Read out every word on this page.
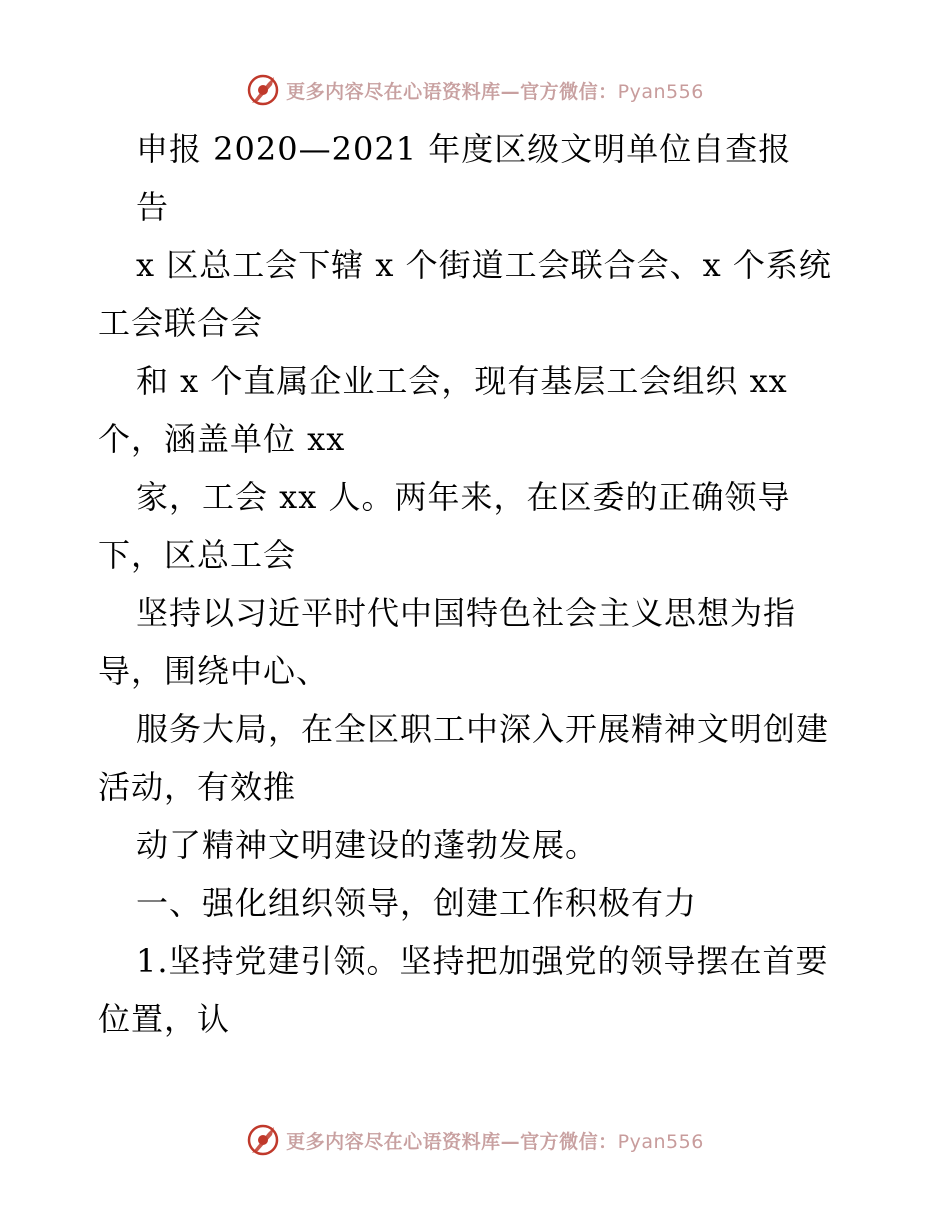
更多内容尽在心语资料库—官方微信：Pyan556
申报 2020—2021 年度区级文明单位自查报
告
x 区总工会下辖 x 个街道工会联合会、x 个系统
工会联合会
和 x 个直属企业工会，现有基层工会组织 xx
个，涵盖单位 xx
家，工会 xx 人。两年来，在区委的正确领导
下，区总工会
坚持以习近平时代中国特色社会主义思想为指
导，围绕中心、
服务大局，在全区职工中深入开展精神文明创建
活动，有效推
动了精神文明建设的蓬勃发展。
一、强化组织领导，创建工作积极有力
1.坚持党建引领。坚持把加强党的领导摆在首要
位置，认
更多内容尽在心语资料库—官方微信：Pyan556
